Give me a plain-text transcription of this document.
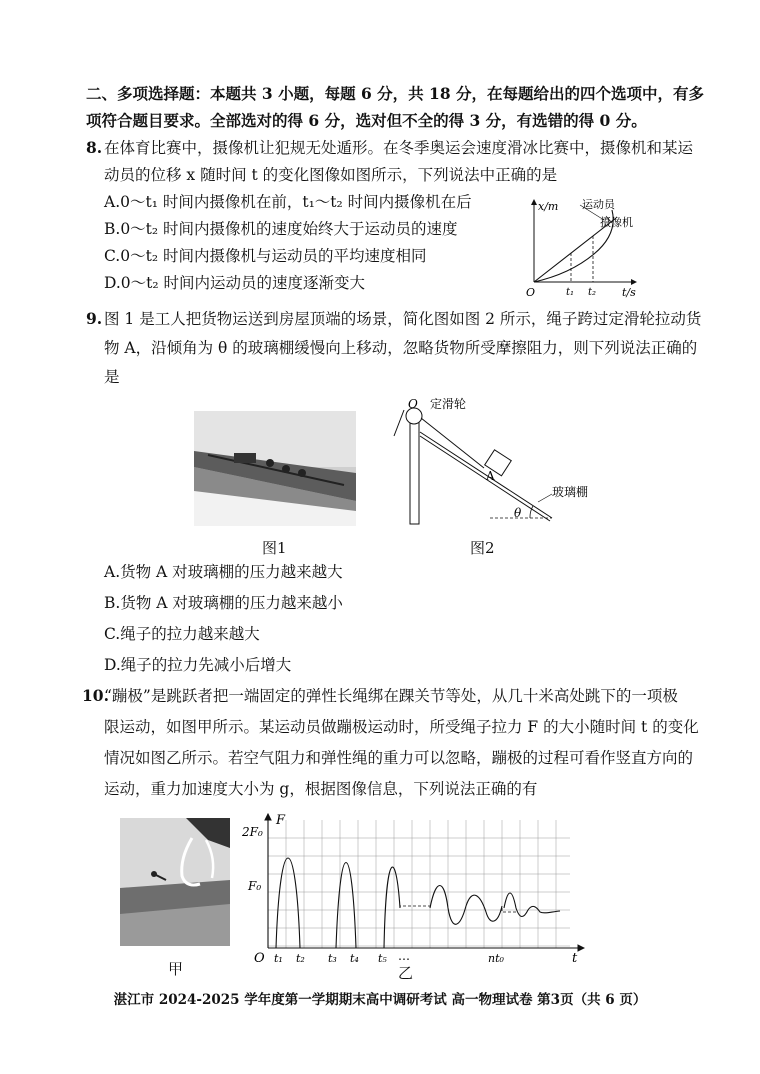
二、多项选择题：本题共 3 小题，每题 6 分，共 18 分，在每题给出的四个选项中，有多
项符合题目要求。全部选对的得 6 分，选对但不全的得 3 分，有选错的得 0 分。
8. 在体育比赛中，摄像机让犯规无处遁形。在冬季奥运会速度滑冰比赛中，摄像机和某运
动员的位移 x 随时间 t 的变化图像如图所示，下列说法中正确的是
A.0～t₁ 时间内摄像机在前，t₁～t₂ 时间内摄像机在后
B.0～t₂ 时间内摄像机的速度始终大于运动员的速度
C.0～t₂ 时间内摄像机与运动员的平均速度相同
D.0～t₂ 时间内运动员的速度逐渐变大
x/m
t/s
O
运动员
摄像机
t₁ t₂
9. 图 1 是工人把货物运送到房屋顶端的场景，简化图如图 2 所示，绳子跨过定滑轮拉动货
物 A，沿倾角为 θ 的玻璃棚缓慢向上移动，忽略货物所受摩擦阻力，则下列说法正确的
是
图1
A
θ
O 定滑轮
玻璃棚
图2
A.货物 A 对玻璃棚的压力越来越大
B.货物 A 对玻璃棚的压力越来越小
C.绳子的拉力越来越大
D.绳子的拉力先减小后增大
10.
“蹦极”是跳跃者把一端固定的弹性长绳绑在踝关节等处，从几十米高处跳下的一项极
限运动，如图甲所示。某运动员做蹦极运动时，所受绳子拉力 F 的大小随时间 t 的变化
情况如图乙所示。若空气阻力和弹性绳的重力可以忽略，蹦极的过程可看作竖直方向的
运动，重力加速度大小为 g，根据图像信息，下列说法正确的有
甲
F
t
O
2F₀
F₀
t₁ t₂ t₃ t₄ t₅ …	nt₀
乙
湛江市 2024-2025 学年度第一学期期末高中调研考试 高一物理试卷 第3页（共 6 页）
